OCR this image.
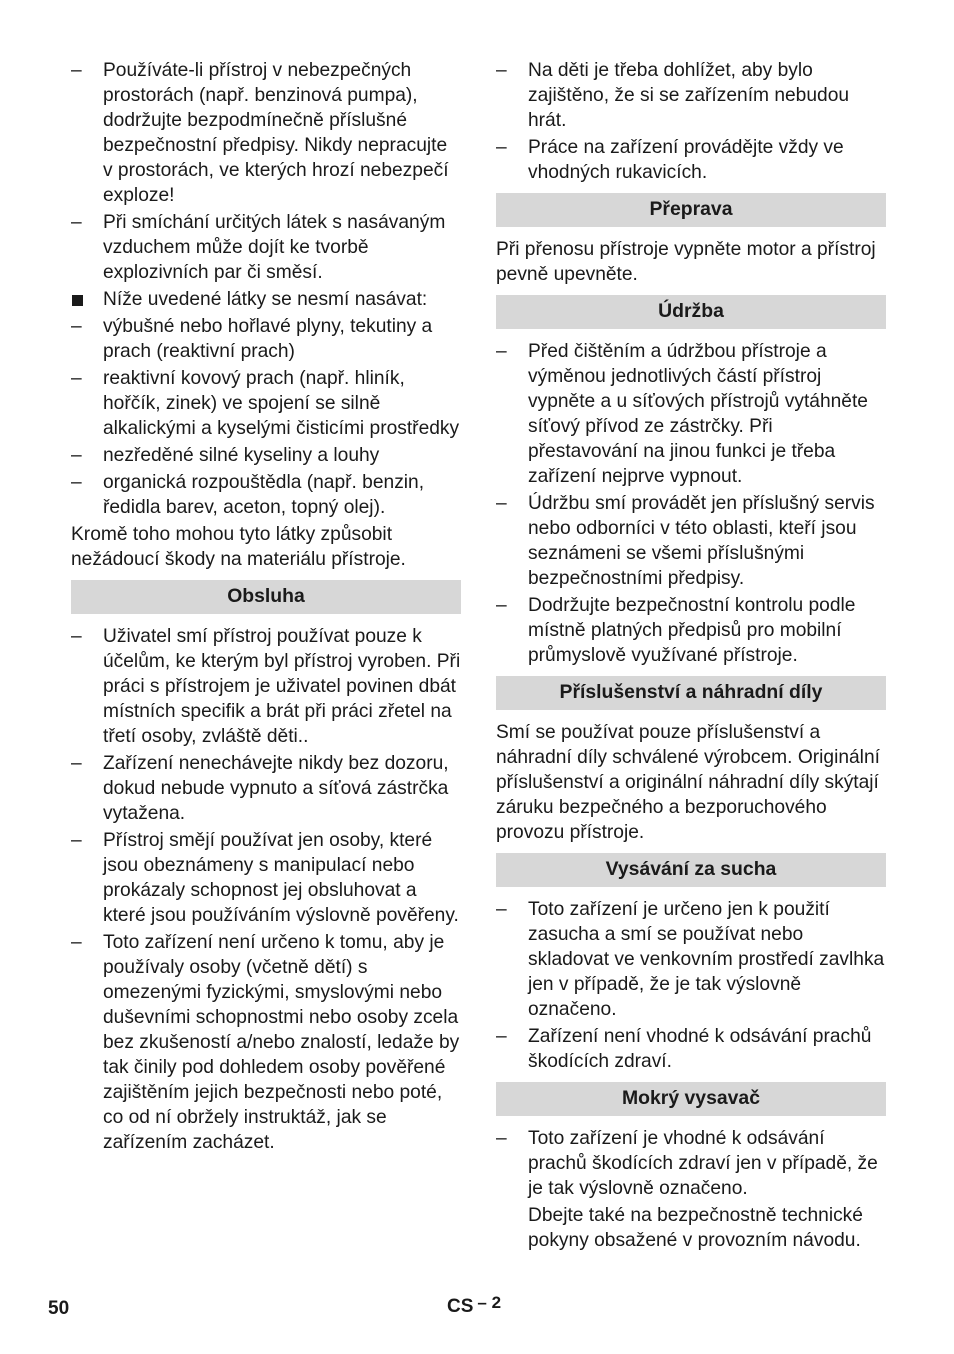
–	Používáte-li přístroj v nebezpečných prostorách (např. benzinová pumpa), dodržujte bezpodmínečně příslušné bezpečnostní předpisy. Nikdy nepracujte v prostorách, ve kterých hrozí nebezpečí exploze!
–	Při smíchání určitých látek s nasávaným vzduchem může dojít ke tvorbě explozivních par či směsí.
Níže uvedené látky se nesmí nasávat:
–	výbušné nebo hořlavé plyny, tekutiny a prach (reaktivní prach)
–	reaktivní kovový prach (např. hliník, hořčík, zinek) ve spojení se silně alkalickými a kyselými čisticími prostředky
–	nezředěné silné kyseliny a louhy
–	organická rozpouštědla (např. benzin, ředidla barev, aceton, topný olej).
Kromě toho mohou tyto látky způsobit nežádoucí škody na materiálu přístroje.
Obsluha
–	Uživatel smí přístroj používat pouze k účelům, ke kterým byl přístroj vyroben. Při práci s přístrojem je uživatel povinen dbát místních specifik a brát při práci zřetel na třetí osoby, zvláště děti..
–	Zařízení nenechávejte nikdy bez dozoru, dokud nebude vypnuto a síťová zástrčka vytažena.
–	Přístroj smějí používat jen osoby, které jsou obeznámeny s manipulací nebo prokázaly schopnost jej obsluhovat a které jsou používáním výslovně pověřeny.
–	Toto zařízení není určeno k tomu, aby je používaly osoby (včetně dětí) s omezenými fyzickými, smyslovými nebo duševními schopnostmi nebo osoby zcela bez zkušeností a/nebo znalostí, ledaže by tak činily pod dohledem osoby pověřené zajištěním jejich bezpečnosti nebo poté, co od ní obržely instruktáž, jak se zařízením zacházet.
–	Na děti je třeba dohlížet, aby bylo zajištěno, že si se zařízením nebudou hrát.
–	Práce na zařízení provádějte vždy ve vhodných rukavicích.
Přeprava
Při přenosu přístroje vypněte motor a přístroj pevně upevněte.
Údržba
–	Před čištěním a údržbou přístroje a výměnou jednotlivých částí přístroj vypněte a u síťových přístrojů vytáhněte síťový přívod ze zástrčky. Při přestavování na jinou funkci je třeba zařízení nejprve vypnout.
–	Údržbu smí provádět jen příslušný servis nebo odborníci v této oblasti, kteří jsou seznámeni se všemi příslušnými bezpečnostními předpisy.
–	Dodržujte bezpečnostní kontrolu podle místně platných předpisů pro mobilní průmyslově využívané přístroje.
Příslušenství a náhradní díly
Smí se používat pouze příslušenství a náhradní díly schválené výrobcem. Originální příslušenství a originální náhradní díly skýtají záruku bezpečného a bezporuchového provozu přístroje.
Vysávání za sucha
–	Toto zařízení je určeno jen k použití zasucha a smí se používat nebo skladovat ve venkovním prostředí zavlhka jen v případě, že je tak výslovně označeno.
–	Zařízení není vhodné k odsávání prachů škodících zdraví.
Mokrý vysavač
–	Toto zařízení je vhodné k odsávání prachů škodících zdraví jen v případě, že je tak výslovně označeno.
Dbejte také na bezpečnostně technické pokyny obsažené v provozním návodu.
50	CS – 2
